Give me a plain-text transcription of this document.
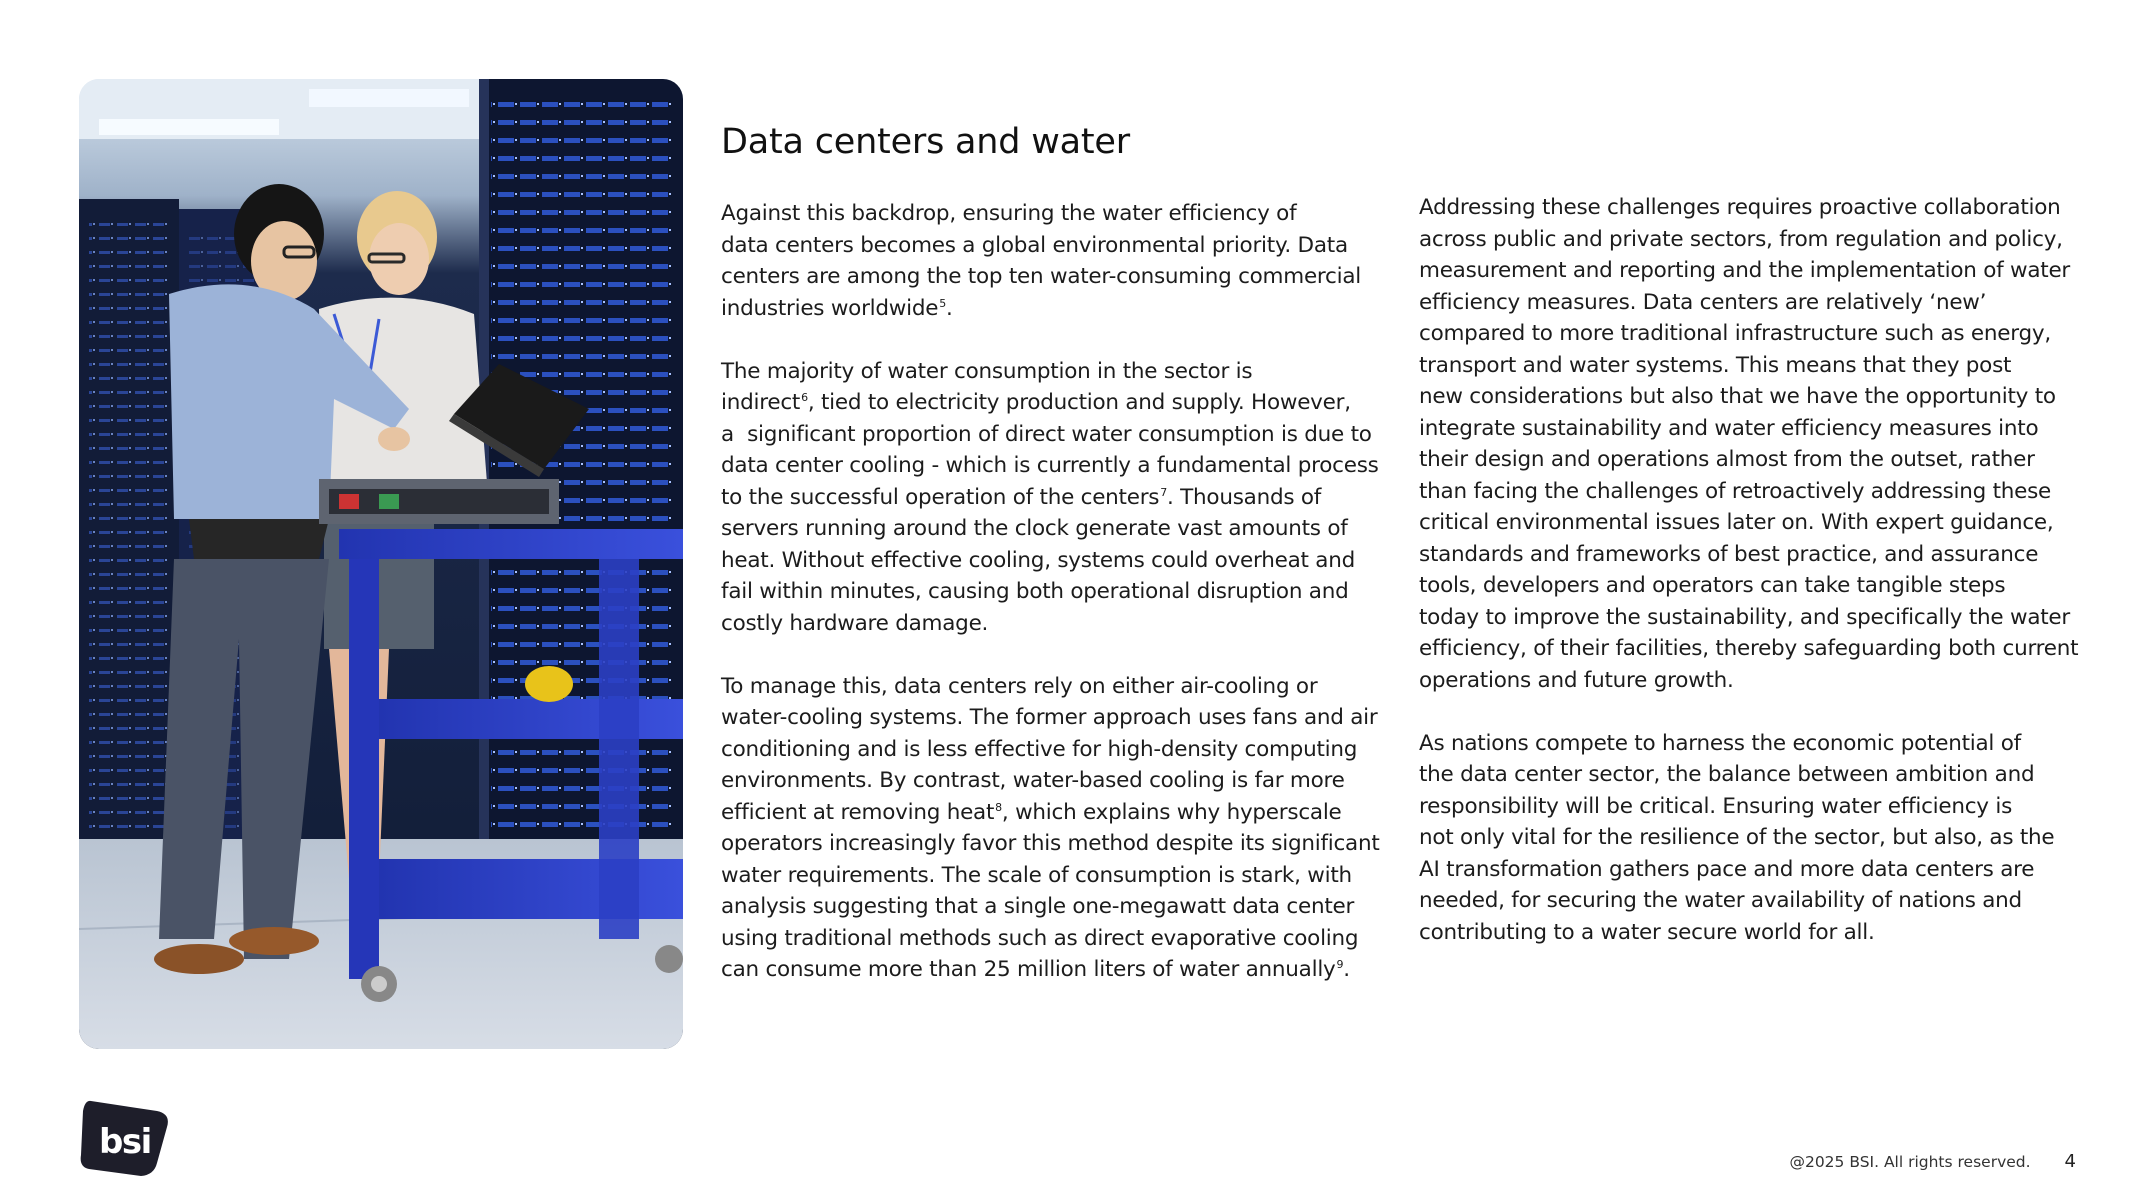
Data centers and water

Against this backdrop, ensuring the water efficiency of
data centers becomes a global environmental priority. Data
centers are among the top ten water-consuming commercial
industries worldwide$^5$.

The majority of water consumption in the sector is
indirect$^6$, tied to electricity production and supply. However,
a  significant proportion of direct water consumption is due to
data center cooling - which is currently a fundamental process
to the successful operation of the centers$^7$. Thousands of
servers running around the clock generate vast amounts of
heat. Without effective cooling, systems could overheat and
fail within minutes, causing both operational disruption and
costly hardware damage.

To manage this, data centers rely on either air-cooling or
water-cooling systems. The former approach uses fans and air
conditioning and is less effective for high-density computing
environments. By contrast, water-based cooling is far more
efficient at removing heat$^8$, which explains why hyperscale
operators increasingly favor this method despite its significant
water requirements. The scale of consumption is stark, with
analysis suggesting that a single one-megawatt data center
using traditional methods such as direct evaporative cooling
can consume more than 25 million liters of water annually$^9$.

Addressing these challenges requires proactive collaboration
across public and private sectors, from regulation and policy,
measurement and reporting and the implementation of water
efficiency measures. Data centers are relatively ‘new’
compared to more traditional infrastructure such as energy,
transport and water systems. This means that they post
new considerations but also that we have the opportunity to
integrate sustainability and water efficiency measures into
their design and operations almost from the outset, rather
than facing the challenges of retroactively addressing these
critical environmental issues later on. With expert guidance,
standards and frameworks of best practice, and assurance
tools, developers and operators can take tangible steps
today to improve the sustainability, and specifically the water
efficiency, of their facilities, thereby safeguarding both current
operations and future growth.

As nations compete to harness the economic potential of
the data center sector, the balance between ambition and
responsibility will be critical. Ensuring water efficiency is
not only vital for the resilience of the sector, but also, as the
AI transformation gathers pace and more data centers are
needed, for securing the water availability of nations and
contributing to a water secure world for all.

bsi	@2025 BSI. All rights reserved. 4
